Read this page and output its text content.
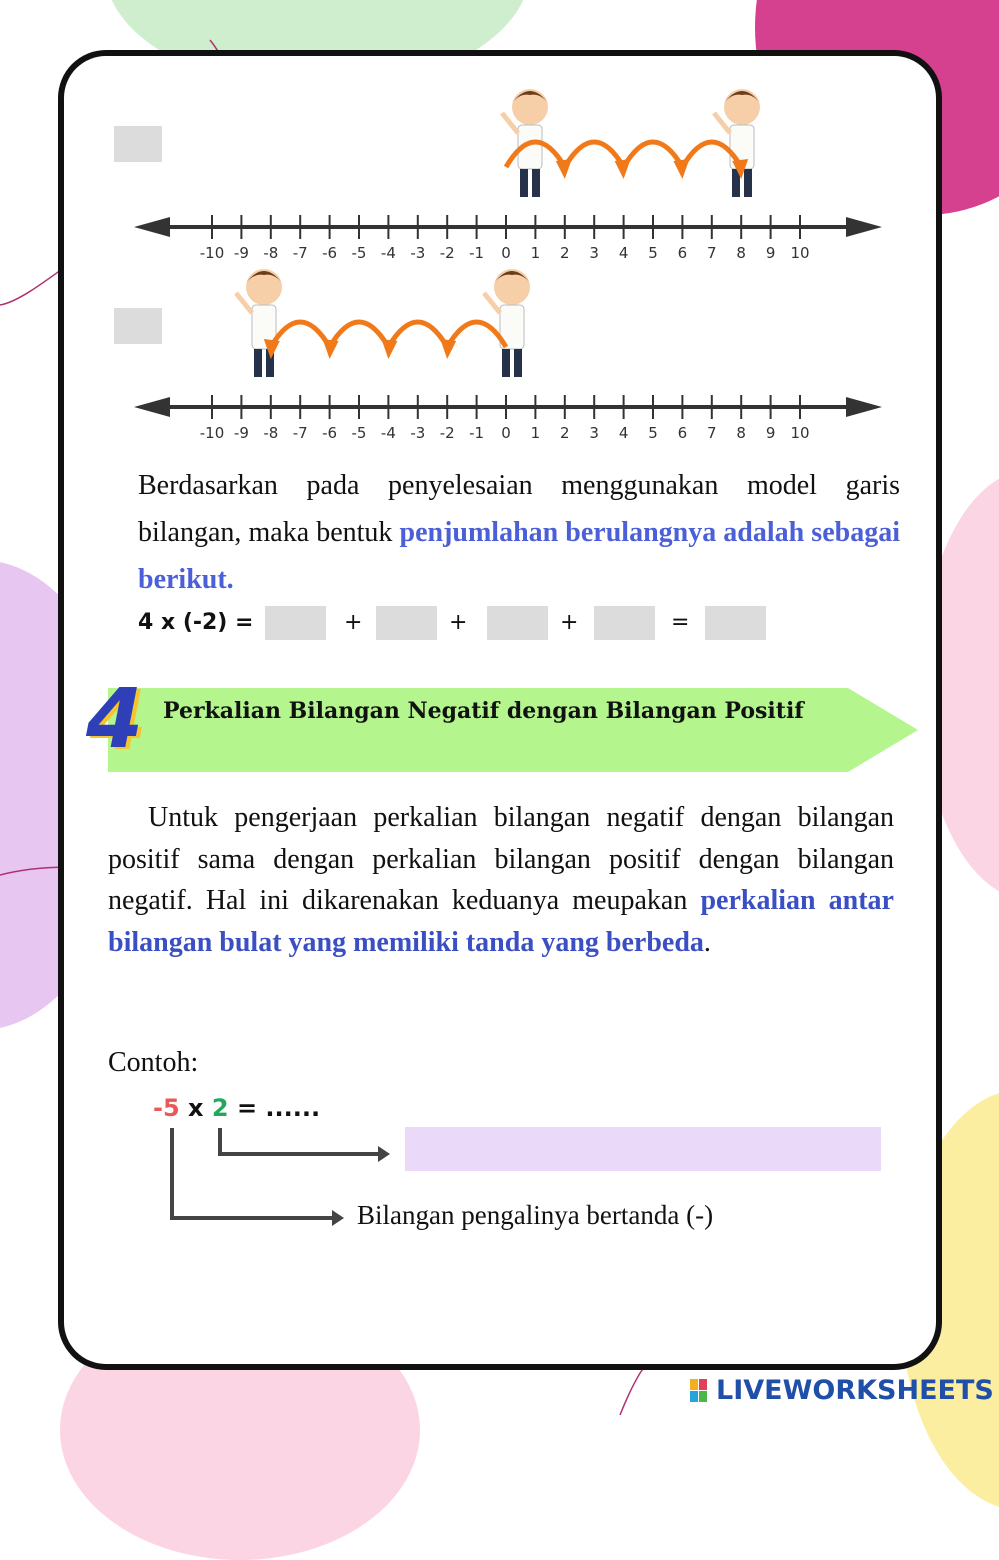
-10 -9 -8 -7 -6 -5 -4 -3 -2 -1 0 1 2 3 4 5 6 7 8 9 10
-10 -9 -8 -7 -6 -5 -4 -3 -2 -1 0 1 2 3 4 5 6 7 8 9 10
Berdasarkan pada penyelesaian menggunakan model garis bilangan, maka bentuk penjumlahan berulangnya adalah sebagai berikut.
4 x (-2) =	+	+	+	=
4 Perkalian Bilangan Negatif dengan Bilangan Positif
Untuk pengerjaan perkalian bilangan negatif dengan bilangan positif sama dengan perkalian bilangan positif dengan bilangan negatif. Hal ini dikarenakan keduanya meupakan perkalian antar bilangan bulat yang memiliki tanda yang berbeda.
Contoh:
-5 x 2 = ......
Bilangan pengalinya bertanda (-)
LIVEWORKSHEETS
